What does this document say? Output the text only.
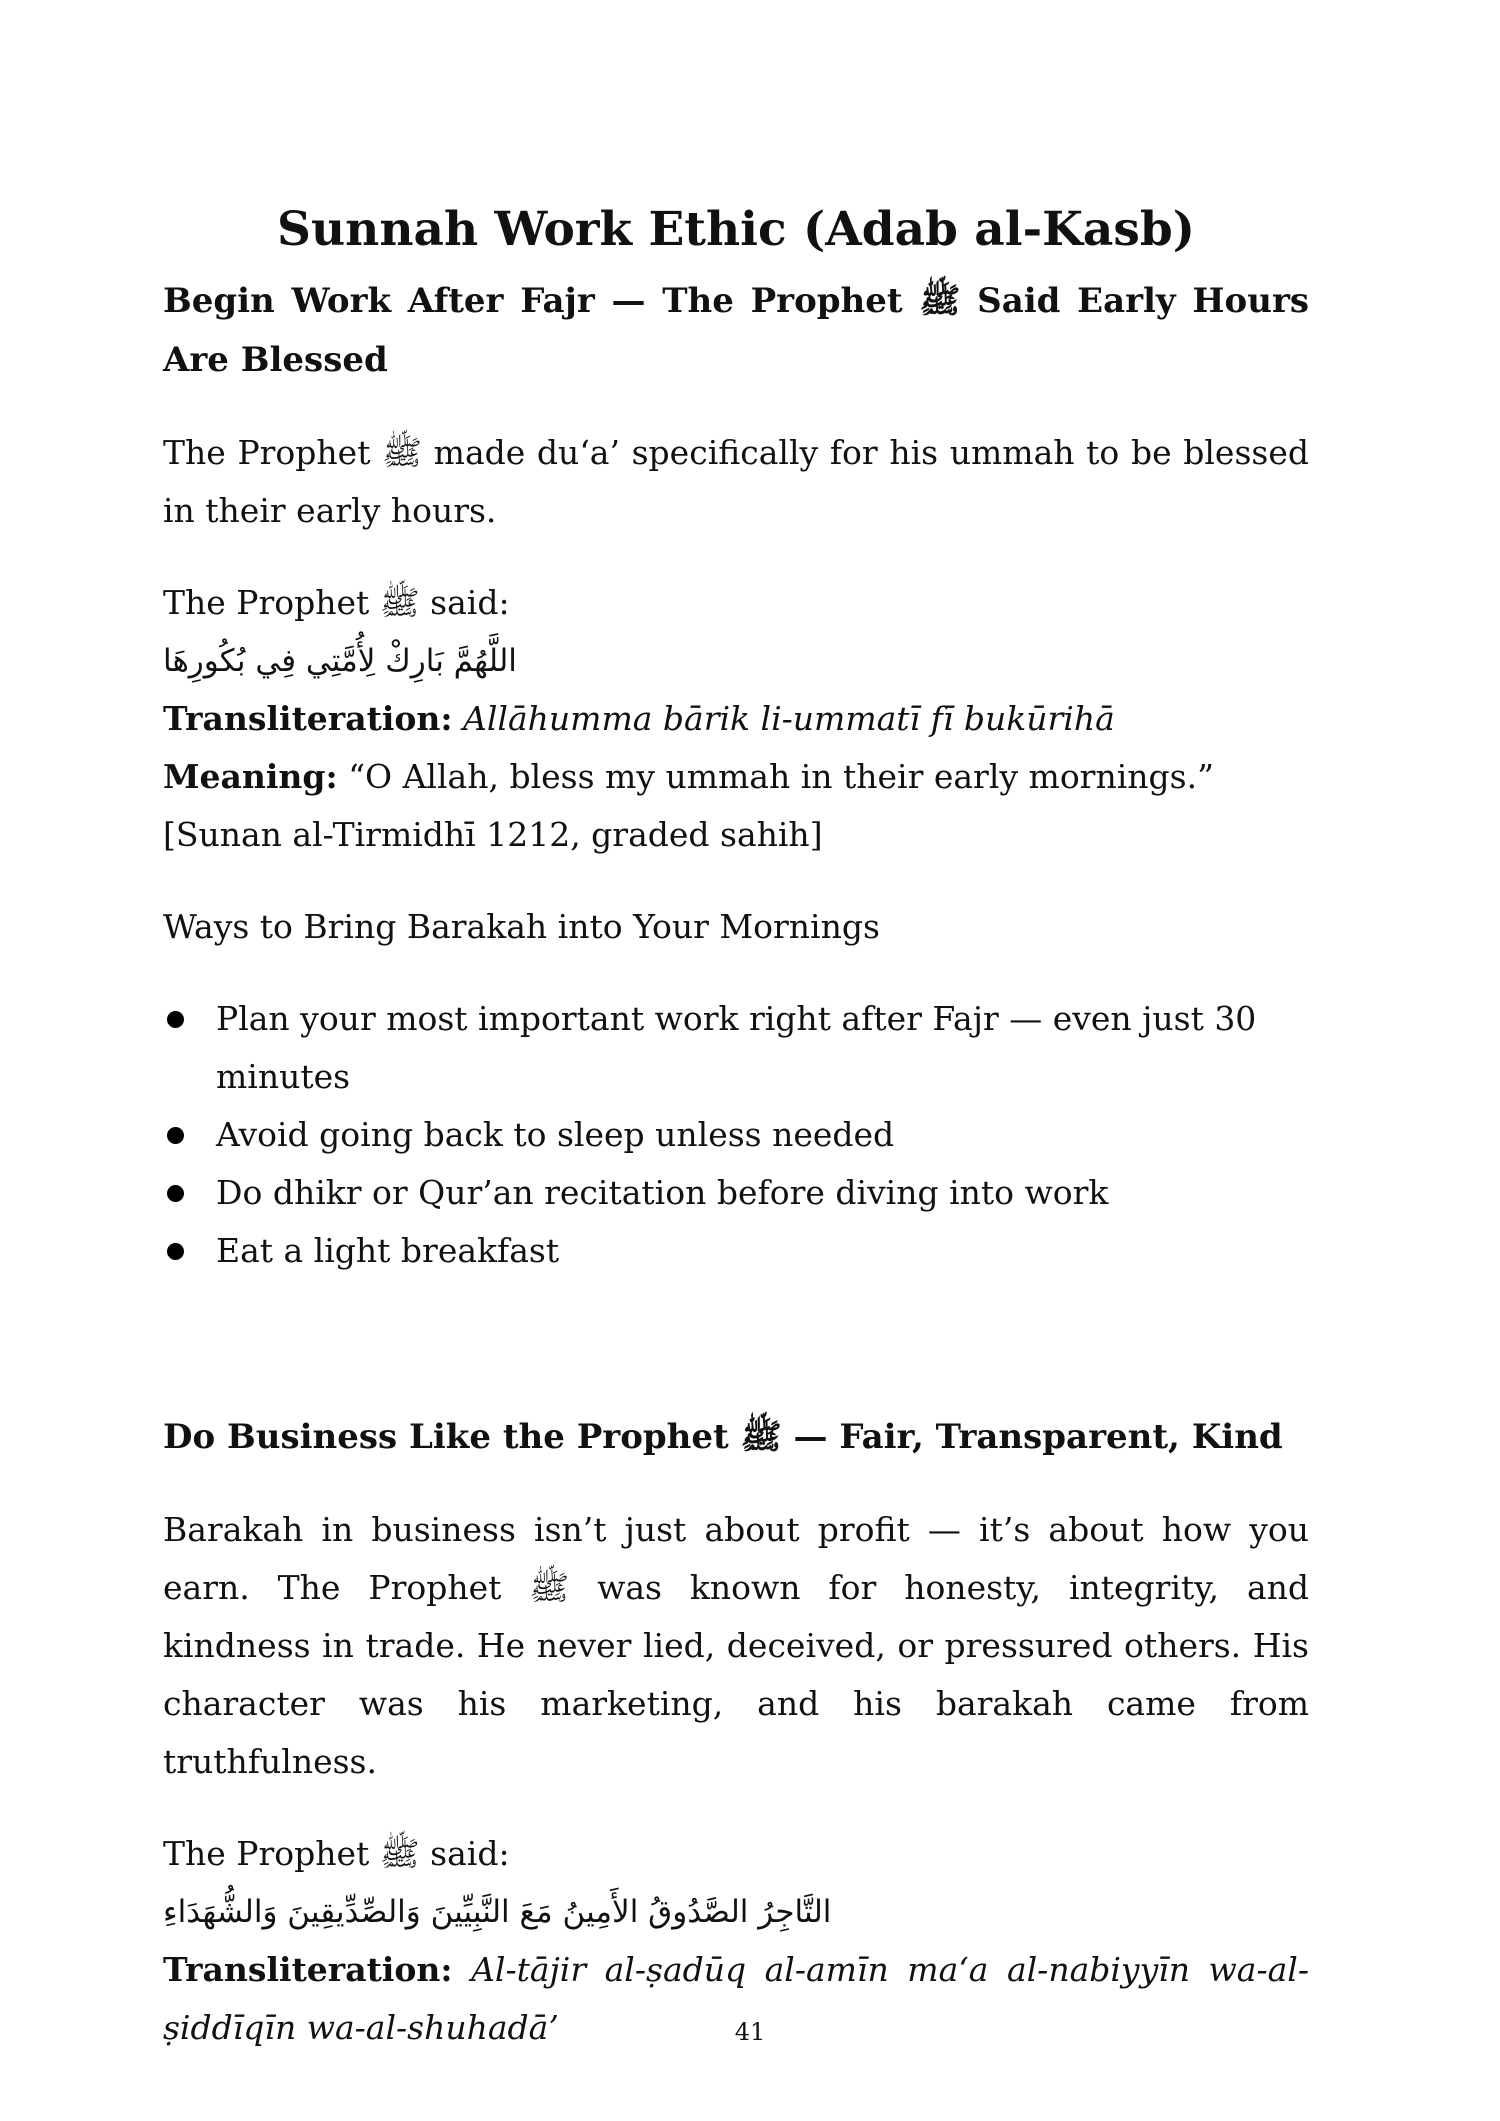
Sunnah Work Ethic (Adab al-Kasb)
Begin Work After Fajr — The Prophet ﷺ Said Early Hours Are Blessed

The Prophet ﷺ made du‘a’ specifically for his ummah to be blessed in their early hours.

The Prophet ﷺ said:

اللَّهُمَّ بَارِكْ لِأُمَّتِي فِي بُكُورِهَا

Transliteration: Allāhumma bārik li-ummatī fī bukūrihā

Meaning: “O Allah, bless my ummah in their early mornings.”

[Sunan al-Tirmidhī 1212, graded sahih]

Ways to Bring Barakah into Your Mornings

Plan your most important work right after Fajr — even just 30 minutes
Avoid going back to sleep unless needed
Do dhikr or Qur’an recitation before diving into work
Eat a light breakfast
Do Business Like the Prophet ﷺ — Fair, Transparent, Kind

Barakah in business isn’t just about profit — it’s about how you earn. The Prophet ﷺ was known for honesty, integrity, and kindness in trade. He never lied, deceived, or pressured others. His character was his marketing, and his barakah came from truthfulness.

The Prophet ﷺ said:

التَّاجِرُ الصَّدُوقُ الأَمِينُ مَعَ النَّبِيِّينَ وَالصِّدِّيقِينَ وَالشُّهَدَاءِ

Transliteration: Al-tājir al-ṣadūq al-amīn ma‘a al-nabiyyīn wa-al-ṣiddīqīn wa-al-shuhadā’	41
